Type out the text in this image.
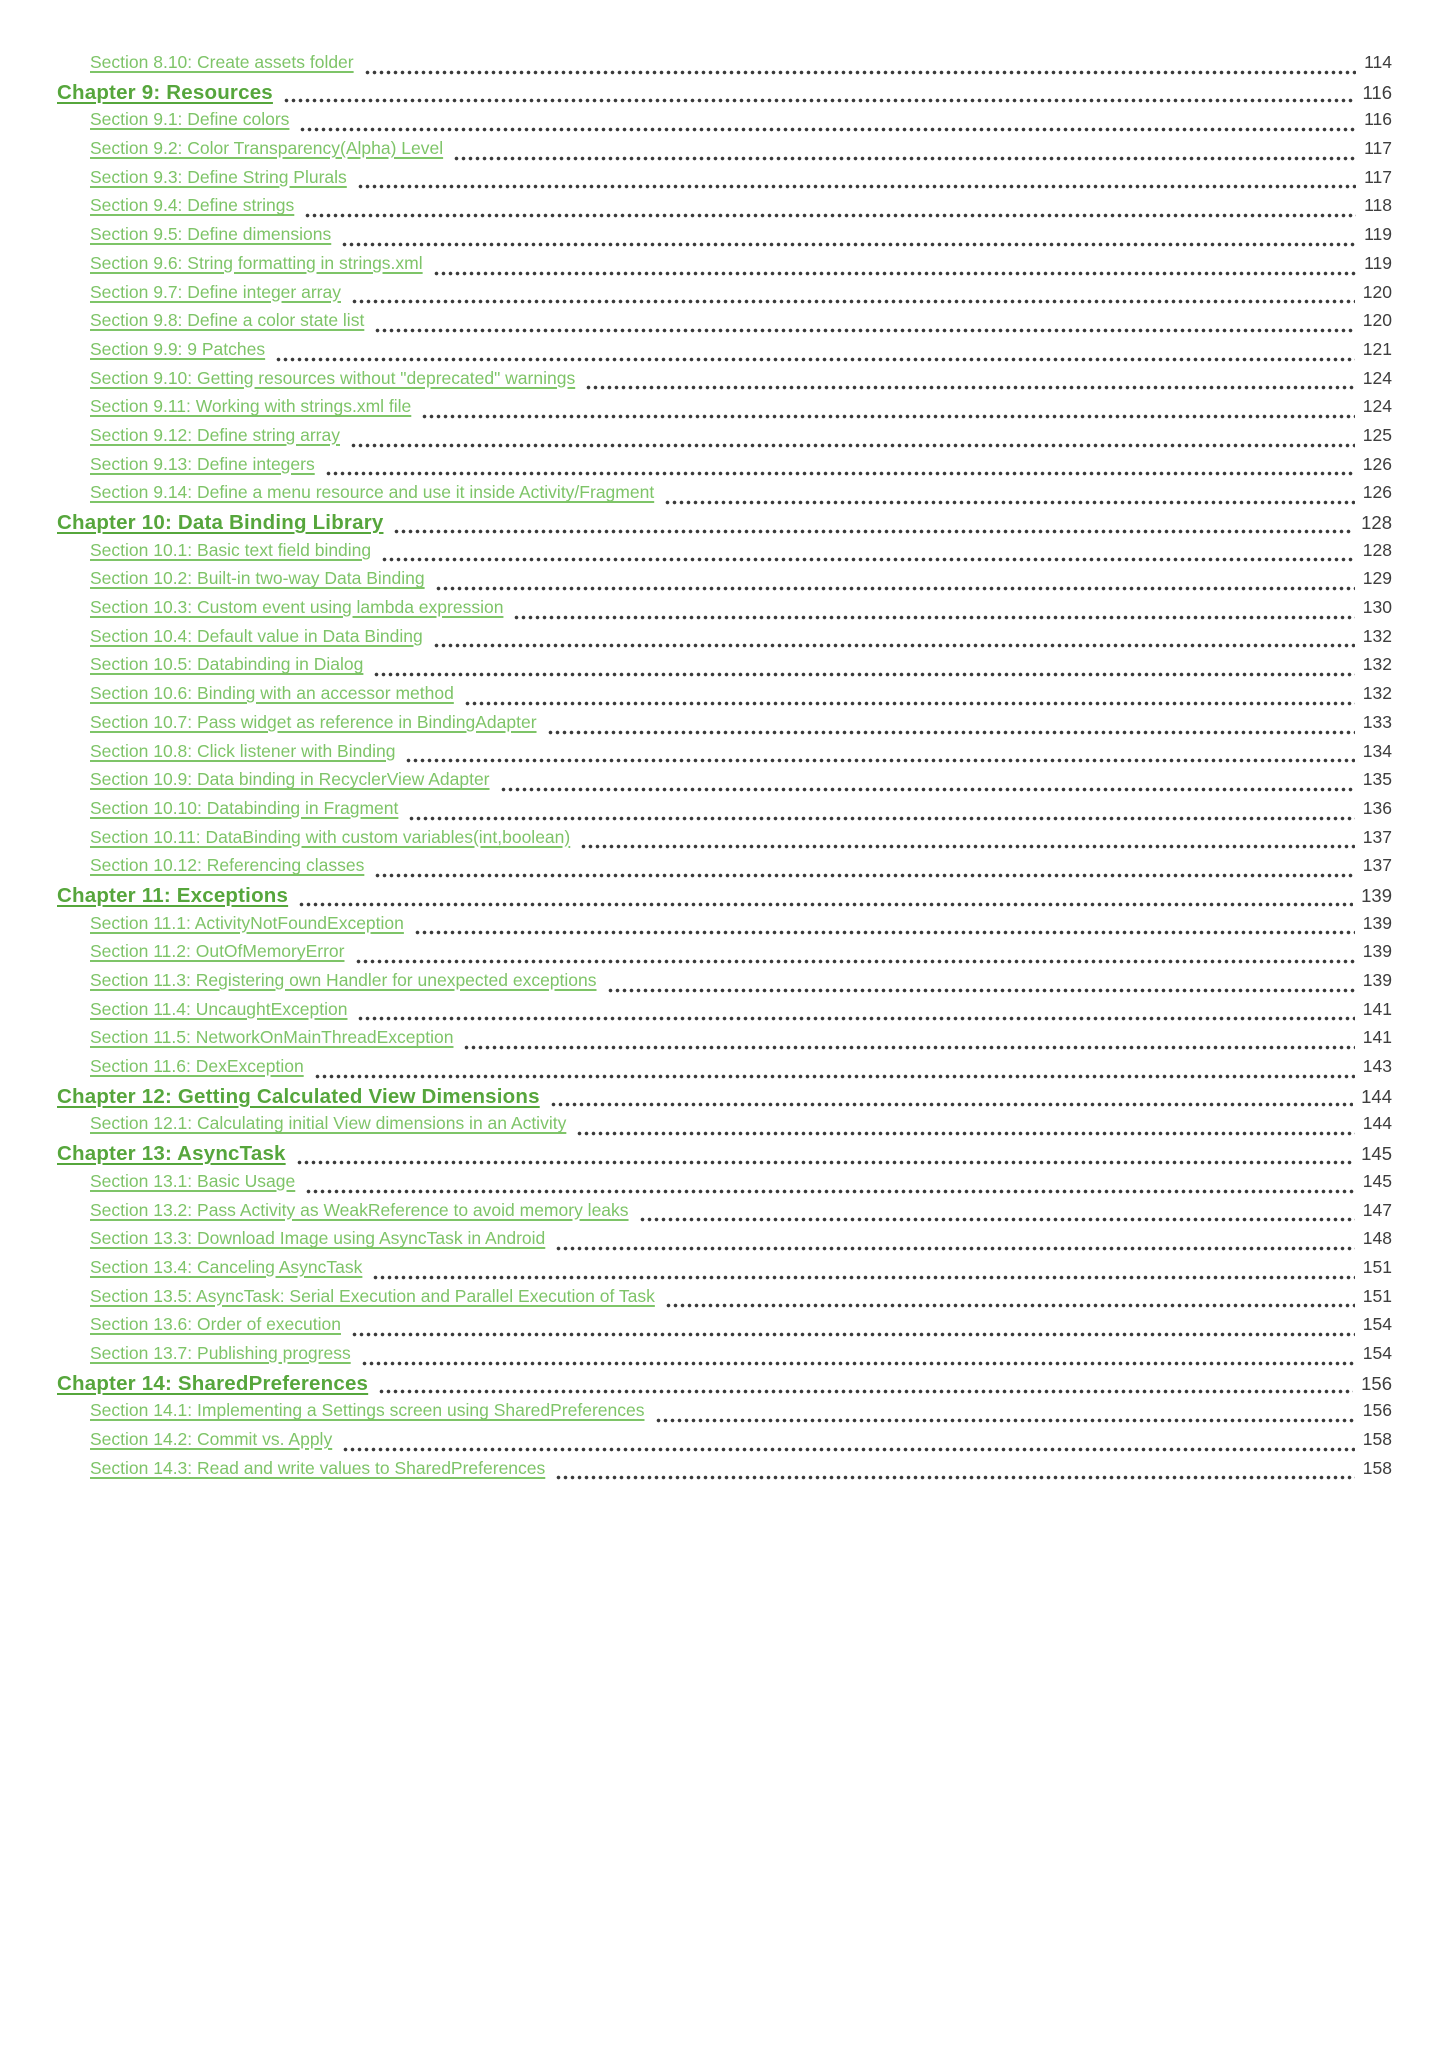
Section 8.10: Create assets folder	114
Chapter 9: Resources	116
Section 9.1: Define colors	116
Section 9.2: Color Transparency(Alpha) Level	117
Section 9.3: Define String Plurals	117
Section 9.4: Define strings	118
Section 9.5: Define dimensions	119
Section 9.6: String formatting in strings.xml	119
Section 9.7: Define integer array	120
Section 9.8: Define a color state list	120
Section 9.9: 9 Patches	121
Section 9.10: Getting resources without "deprecated" warnings	124
Section 9.11: Working with strings.xml file	124
Section 9.12: Define string array	125
Section 9.13: Define integers	126
Section 9.14: Define a menu resource and use it inside Activity/Fragment	126
Chapter 10: Data Binding Library	128
Section 10.1: Basic text field binding	128
Section 10.2: Built-in two-way Data Binding	129
Section 10.3: Custom event using lambda expression	130
Section 10.4: Default value in Data Binding	132
Section 10.5: Databinding in Dialog	132
Section 10.6: Binding with an accessor method	132
Section 10.7: Pass widget as reference in BindingAdapter	133
Section 10.8: Click listener with Binding	134
Section 10.9: Data binding in RecyclerView Adapter	135
Section 10.10: Databinding in Fragment	136
Section 10.11: DataBinding with custom variables(int,boolean)	137
Section 10.12: Referencing classes	137
Chapter 11: Exceptions	139
Section 11.1: ActivityNotFoundException	139
Section 11.2: OutOfMemoryError	139
Section 11.3: Registering own Handler for unexpected exceptions	139
Section 11.4: UncaughtException	141
Section 11.5: NetworkOnMainThreadException	141
Section 11.6: DexException	143
Chapter 12: Getting Calculated View Dimensions	144
Section 12.1: Calculating initial View dimensions in an Activity	144
Chapter 13: AsyncTask	145
Section 13.1: Basic Usage	145
Section 13.2: Pass Activity as WeakReference to avoid memory leaks	147
Section 13.3: Download Image using AsyncTask in Android	148
Section 13.4: Canceling AsyncTask	151
Section 13.5: AsyncTask: Serial Execution and Parallel Execution of Task	151
Section 13.6: Order of execution	154
Section 13.7: Publishing progress	154
Chapter 14: SharedPreferences	156
Section 14.1: Implementing a Settings screen using SharedPreferences	156
Section 14.2: Commit vs. Apply	158
Section 14.3: Read and write values to SharedPreferences	158
